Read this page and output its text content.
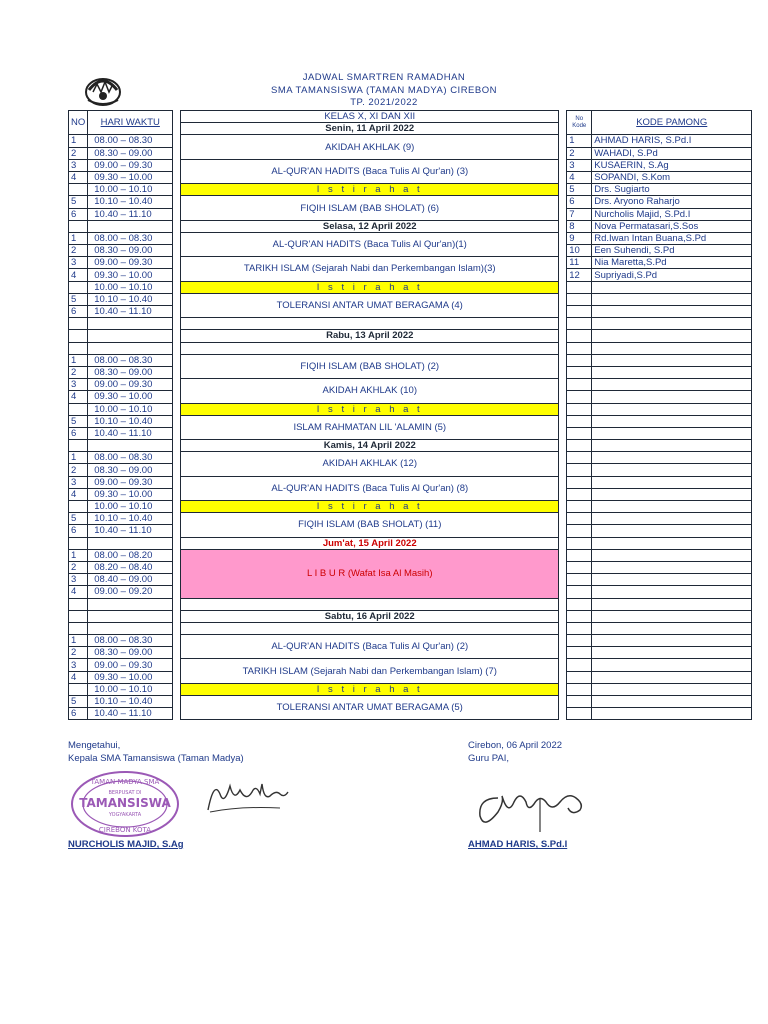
JADWAL SMARTREN RAMADHAN
SMA TAMANSISWA (TAMAN MADYA) CIREBON
TP. 2021/2022
NO	HARI WAKTU		KELAS X, XI DAN XII		No Kode	KODE PAMONG
			Senin, 11 April 2022			
1	08.00 – 08.30		AKIDAH AKHLAK (9)		1	AHMAD HARIS, S.Pd.I
2	08.30 – 09.00				2	WAHADI, S.Pd
3	09.00 – 09.30		AL-QUR'AN HADITS (Baca Tulis Al Qur'an) (3)		3	KUSAERIN, S.Ag
4	09.30 – 10.00				4	SOPANDI, S.Kom
	10.00 – 10.10		I s t i r a h a t		5	Drs. Sugiarto
5	10.10 – 10.40		FIQIH ISLAM (BAB SHOLAT) (6)		6	Drs. Aryono Raharjo
6	10.40 – 11.10				7	Nurcholis Majid, S.Pd.I
			Selasa, 12 April 2022		8	Nova Permatasari,S.Sos
1	08.00 – 08.30		AL-QUR'AN HADITS (Baca Tulis Al Qur'an)(1)		9	Rd.Iwan Intan Buana,S.Pd
2	08.30 – 09.00				10	Een Suhendi, S.Pd
3	09.00 – 09.30		TARIKH ISLAM (Sejarah Nabi dan Perkembangan Islam)(3)		11	Nia Maretta,S.Pd
4	09.30 – 10.00				12	Supriyadi,S.Pd
	10.00 – 10.10		I s t i r a h a t			
5	10.10 – 10.40		TOLERANSI ANTAR UMAT BERAGAMA (4)			
6	10.40 – 11.10					

			Rabu, 13 April 2022			

1	08.00 – 08.30		FIQIH ISLAM (BAB SHOLAT) (2)			
2	08.30 – 09.00					
3	09.00 – 09.30		AKIDAH AKHLAK (10)			
4	09.30 – 10.00					
	10.00 – 10.10		I s t i r a h a t			
5	10.10 – 10.40		ISLAM RAHMATAN LIL 'ALAMIN (5)			
6	10.40 – 11.10					
			Kamis, 14 April 2022			
1	08.00 – 08.30		AKIDAH AKHLAK (12)			
2	08.30 – 09.00					
3	09.00 – 09.30		AL-QUR'AN HADITS (Baca Tulis Al Qur'an) (8)			
4	09.30 – 10.00					
	10.00 – 10.10		I s t i r a h a t			
5	10.10 – 10.40		FIQIH ISLAM (BAB SHOLAT) (11)			
6	10.40 – 11.10					
			Jum'at, 15 April 2022			
1	08.00 – 08.20		L I B U R (Wafat Isa Al Masih)			
2	08.20 – 08.40					
3	08.40 – 09.00					
4	09.00 – 09.20					

			Sabtu, 16 April 2022			

1	08.00 – 08.30		AL-QUR'AN HADITS (Baca Tulis Al Qur'an) (2)			
2	08.30 – 09.00					
3	09.00 – 09.30		TARIKH ISLAM (Sejarah Nabi dan Perkembangan Islam) (7)			
4	09.30 – 10.00					
	10.00 – 10.10		I s t i r a h a t			
5	10.10 – 10.40		TOLERANSI ANTAR UMAT BERAGAMA (5)			
6	10.40 – 11.10					
Mengetahui,
Kepala SMA Tamansiswa (Taman Madya)
Cirebon, 06 April 2022
Guru PAI,
TAMAN MADYA SMA
BERPUSAT DI
TAMANSISWA
YOGYAKARTA
CIREBON KOTA
NURCHOLIS MAJID, S.Ag	AHMAD HARIS, S.Pd.I
